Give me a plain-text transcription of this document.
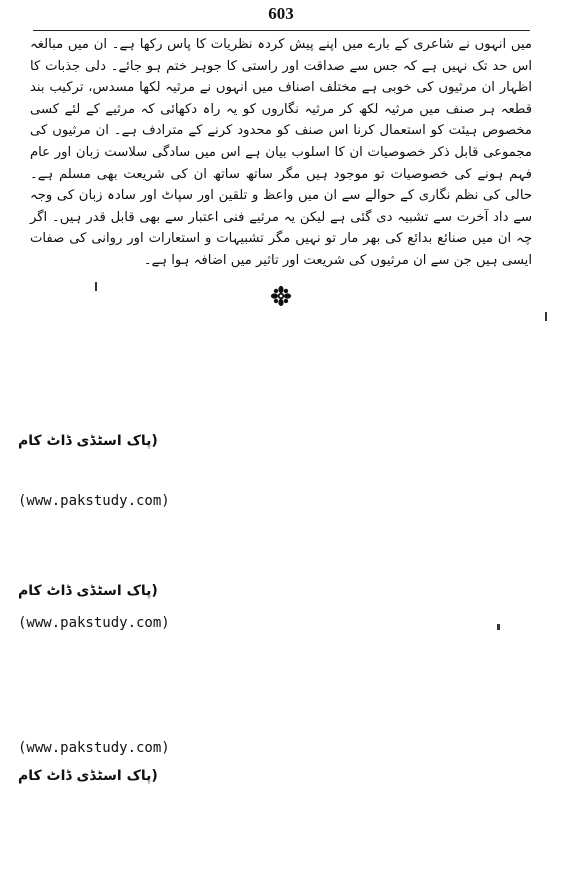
603

میں انہوں نے شاعری کے بارے میں اپنے پیش کردہ نظریات کا پاس رکھا ہے۔ ان میں مبالغہ اس حد تک نہیں ہے کہ جس سے صداقت اور راستی کا جوہر ختم ہو جائے۔ دلی جذبات کا اظہار ان مرثیوں کی خوبی ہے مختلف اصناف میں انہوں نے مرثیہ لکھا مسدس، ترکیب بند قطعہ ہر صنف میں مرثیہ لکھ کر مرثیہ نگاروں کو یہ راہ دکھائی کہ مرثیے کے لئے کسی مخصوص ہیئت کو استعمال کرنا اس صنف کو محدود کرنے کے مترادف ہے۔ ان مرثیوں کی مجموعی قابل ذکر خصوصیات ان کا اسلوب بیان ہے اس میں سادگی سلاست زبان اور عام فہم ہونے کی خصوصیات تو موجود ہیں مگر ساتھ ساتھ ان کی شریعت بھی مسلم ہے۔ حالی کی نظم نگاری کے حوالے سے ان میں واعظ و تلقین اور سپاٹ اور سادہ زبان کی وجہ سے داد آخرت سے تشبیہ دی گئی ہے لیکن یہ مرثیے فنی اعتبار سے بھی قابل قدر ہیں۔ اگر چہ ان میں صنائع بدائع کی بھر مار تو نہیں مگر تشبیہات و استعارات اور روانی کی صفات ایسی ہیں جن سے ان مرثیوں کی شریعت اور تاثیر میں اضافہ ہوا ہے۔

(پاک اسٹڈی ڈاٹ کام
(www.pakstudy.com)
(پاک اسٹڈی ڈاٹ کام
(www.pakstudy.com)
(www.pakstudy.com)
(پاک اسٹڈی ڈاٹ کام
